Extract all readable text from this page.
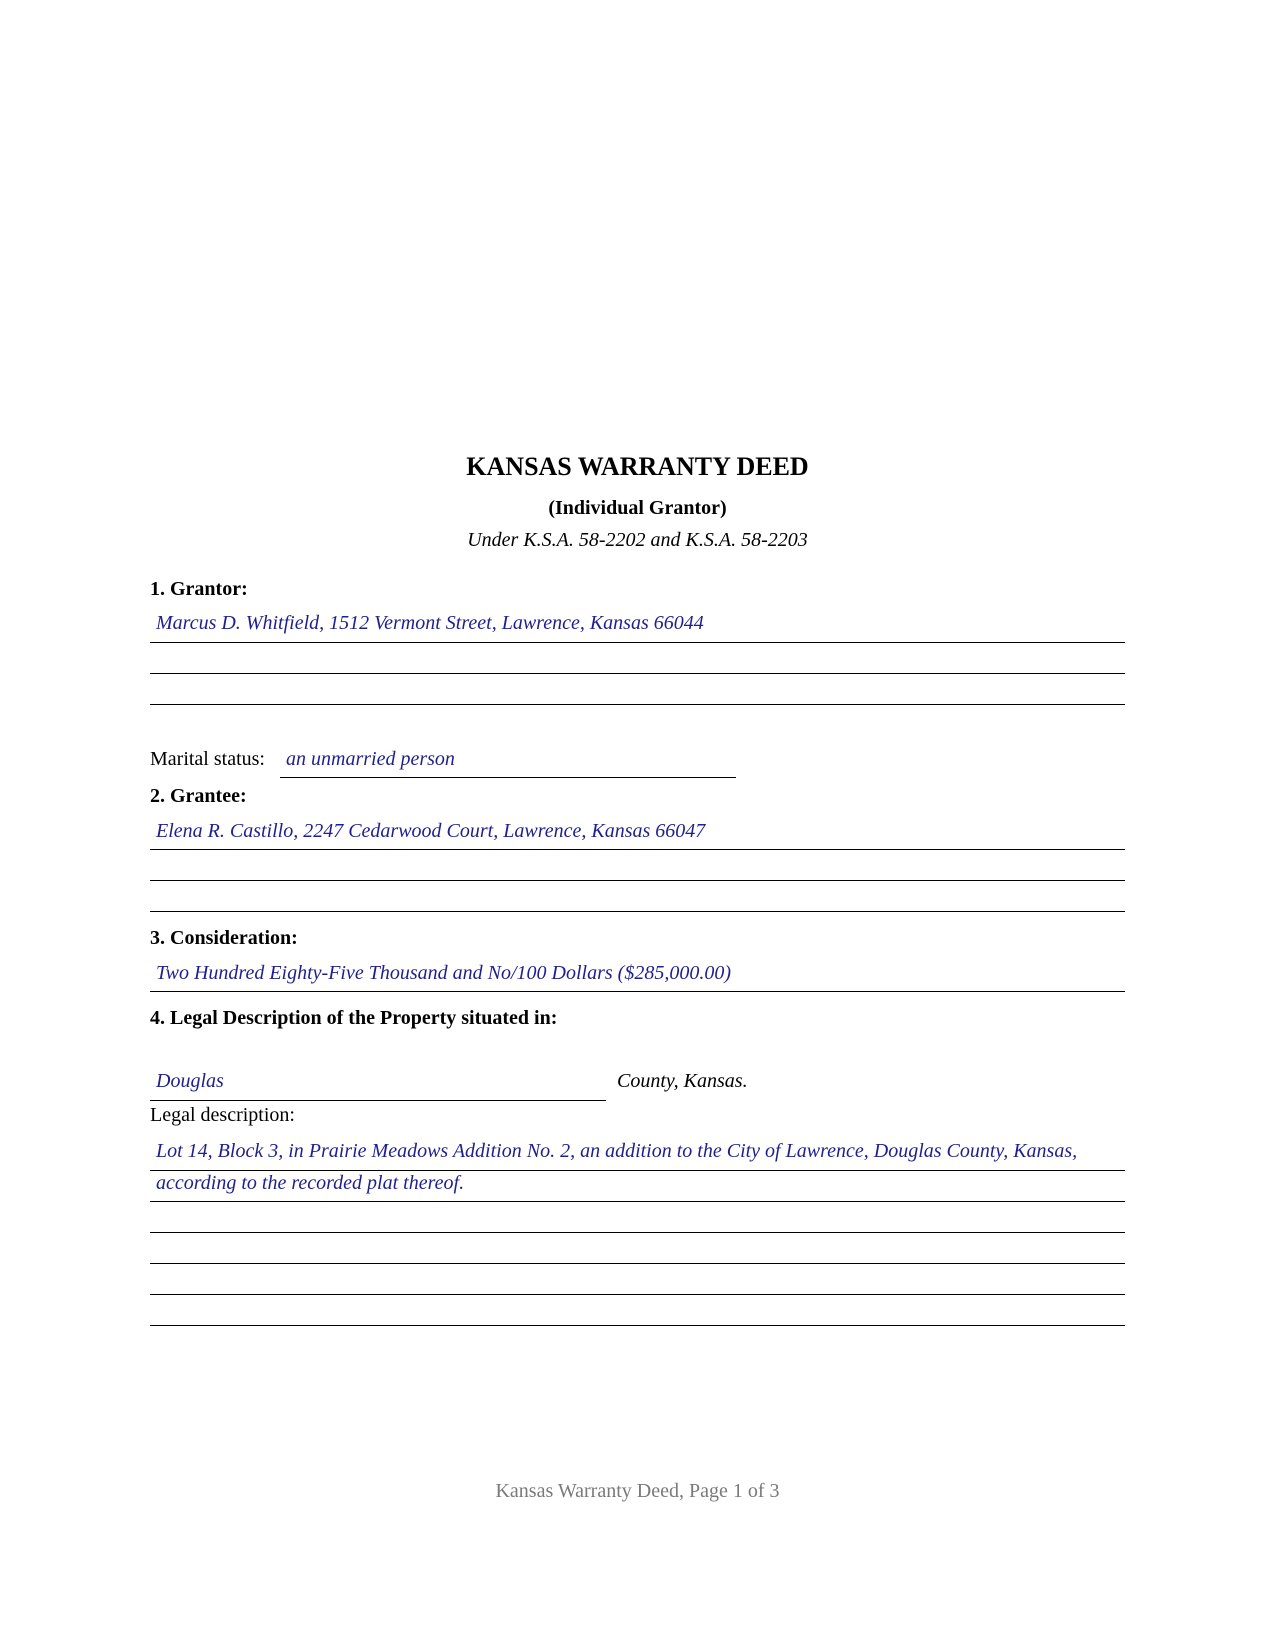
KANSAS WARRANTY DEED
(Individual Grantor)
Under K.S.A. 58-2202 and K.S.A. 58-2203
1. Grantor:
Marcus D. Whitfield, 1512 Vermont Street, Lawrence, Kansas 66044
Marital status: an unmarried person
2. Grantee:
Elena R. Castillo, 2247 Cedarwood Court, Lawrence, Kansas 66047
3. Consideration:
Two Hundred Eighty-Five Thousand and No/100 Dollars ($285,000.00)
4. Legal Description of the Property situated in:
Douglas	County, Kansas.
Legal description:
Lot 14, Block 3, in Prairie Meadows Addition No. 2, an addition to the City of Lawrence, Douglas County, Kansas,
according to the recorded plat thereof.
Kansas Warranty Deed, Page 1 of 3
